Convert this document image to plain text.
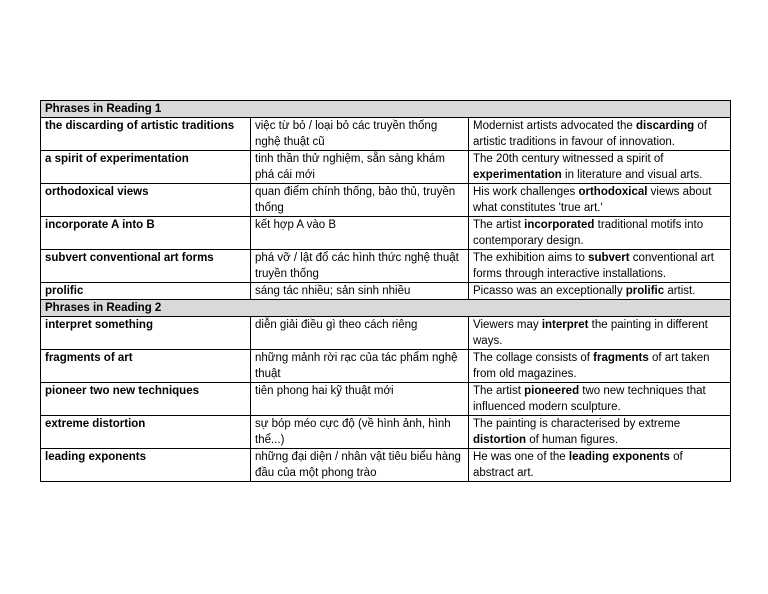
Phrases in Reading 1		
the discarding of artistic traditions	việc từ bỏ / loại bỏ các truyền thống nghệ thuật cũ	Modernist artists advocated the discarding of artistic traditions in favour of innovation.
a spirit of experimentation	tinh thần thử nghiệm, sẵn sàng khám phá cái mới	The 20th century witnessed a spirit of experimentation in literature and visual arts.
orthodoxical views	quan điểm chính thống, bảo thủ, truyền thống	His work challenges orthodoxical views about what constitutes 'true art.'
incorporate A into B	kết hợp A vào B	The artist incorporated traditional motifs into contemporary design.
subvert conventional art forms	phá vỡ / lật đổ các hình thức nghệ thuật truyền thống	The exhibition aims to subvert conventional art forms through interactive installations.
prolific	sáng tác nhiều; sản sinh nhiều	Picasso was an exceptionally prolific artist.
Phrases in Reading 2		
interpret something	diễn giải điều gì theo cách riêng	Viewers may interpret the painting in different ways.
fragments of art	những mảnh rời rạc của tác phẩm nghệ thuật	The collage consists of fragments of art taken from old magazines.
pioneer two new techniques	tiên phong hai kỹ thuật mới	The artist pioneered two new techniques that influenced modern sculpture.
extreme distortion	sự bóp méo cực độ (về hình ảnh, hình thể...)	The painting is characterised by extreme distortion of human figures.
leading exponents	những đại diện / nhân vật tiêu biểu hàng đầu của một phong trào	He was one of the leading exponents of abstract art.
